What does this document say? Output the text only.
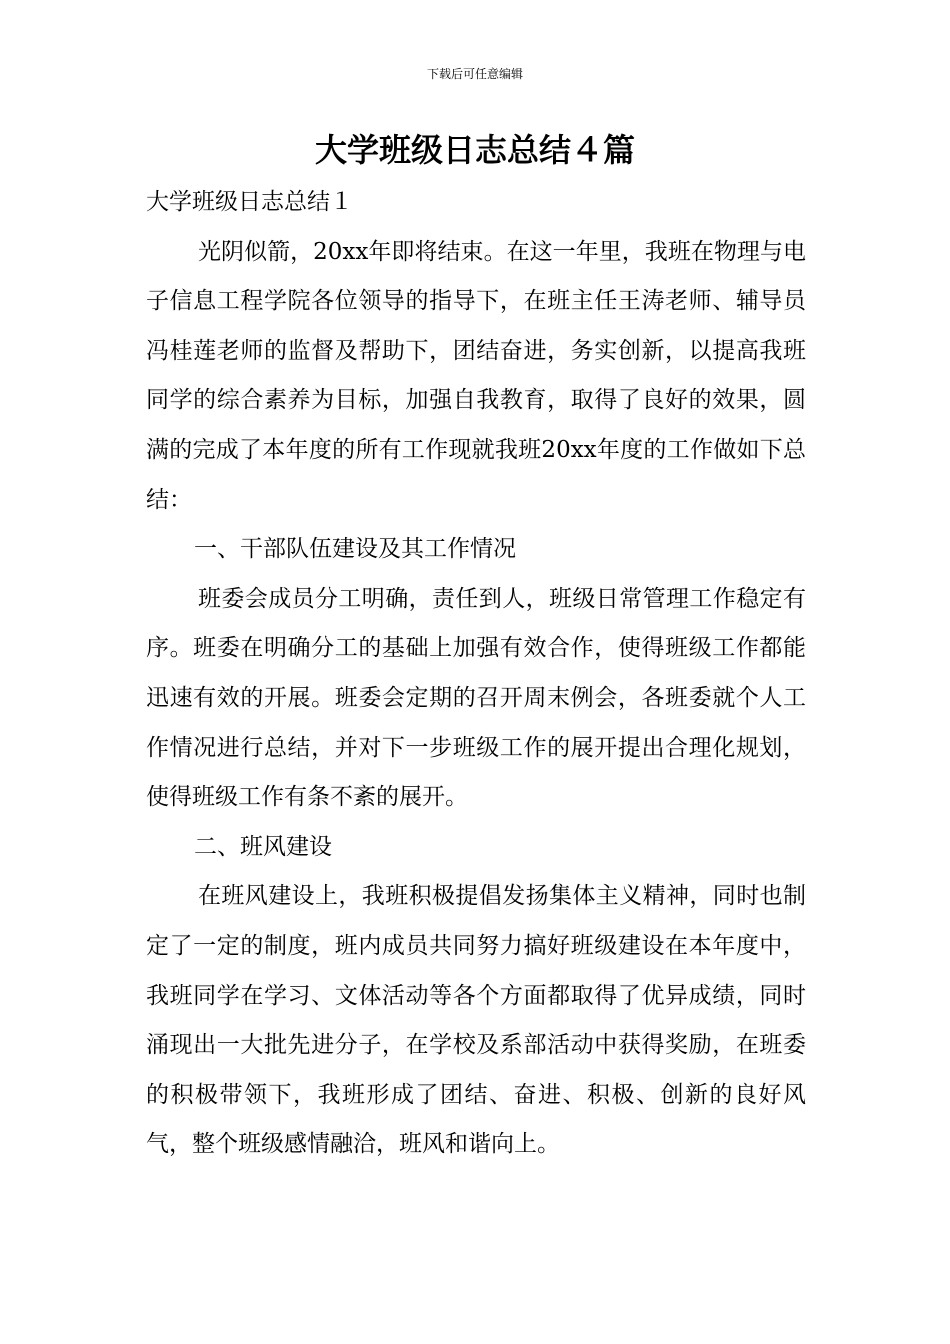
下载后可任意编辑
大学班级日志总结４篇

大学班级日志总结１

光阴似箭，20xx年即将结束。在这一年里，我班在物理与电子信息工程学院各位领导的指导下，在班主任王涛老师、辅导员冯桂莲老师的监督及帮助下，团结奋进，务实创新，以提高我班同学的综合素养为目标，加强自我教育，取得了良好的效果，圆满的完成了本年度的所有工作现就我班20xx年度的工作做如下总结：

一、干部队伍建设及其工作情况

班委会成员分工明确，责任到人，班级日常管理工作稳定有序。班委在明确分工的基础上加强有效合作，使得班级工作都能迅速有效的开展。班委会定期的召开周末例会，各班委就个人工作情况进行总结，并对下一步班级工作的展开提出合理化规划，使得班级工作有条不紊的展开。

二、班风建设

在班风建设上，我班积极提倡发扬集体主义精神，同时也制定了一定的制度，班内成员共同努力搞好班级建设在本年度中，我班同学在学习、文体活动等各个方面都取得了优异成绩，同时涌现出一大批先进分子，在学校及系部活动中获得奖励，在班委的积极带领下，我班形成了团结、奋进、积极、创新的良好风气，整个班级感情融洽，班风和谐向上。
